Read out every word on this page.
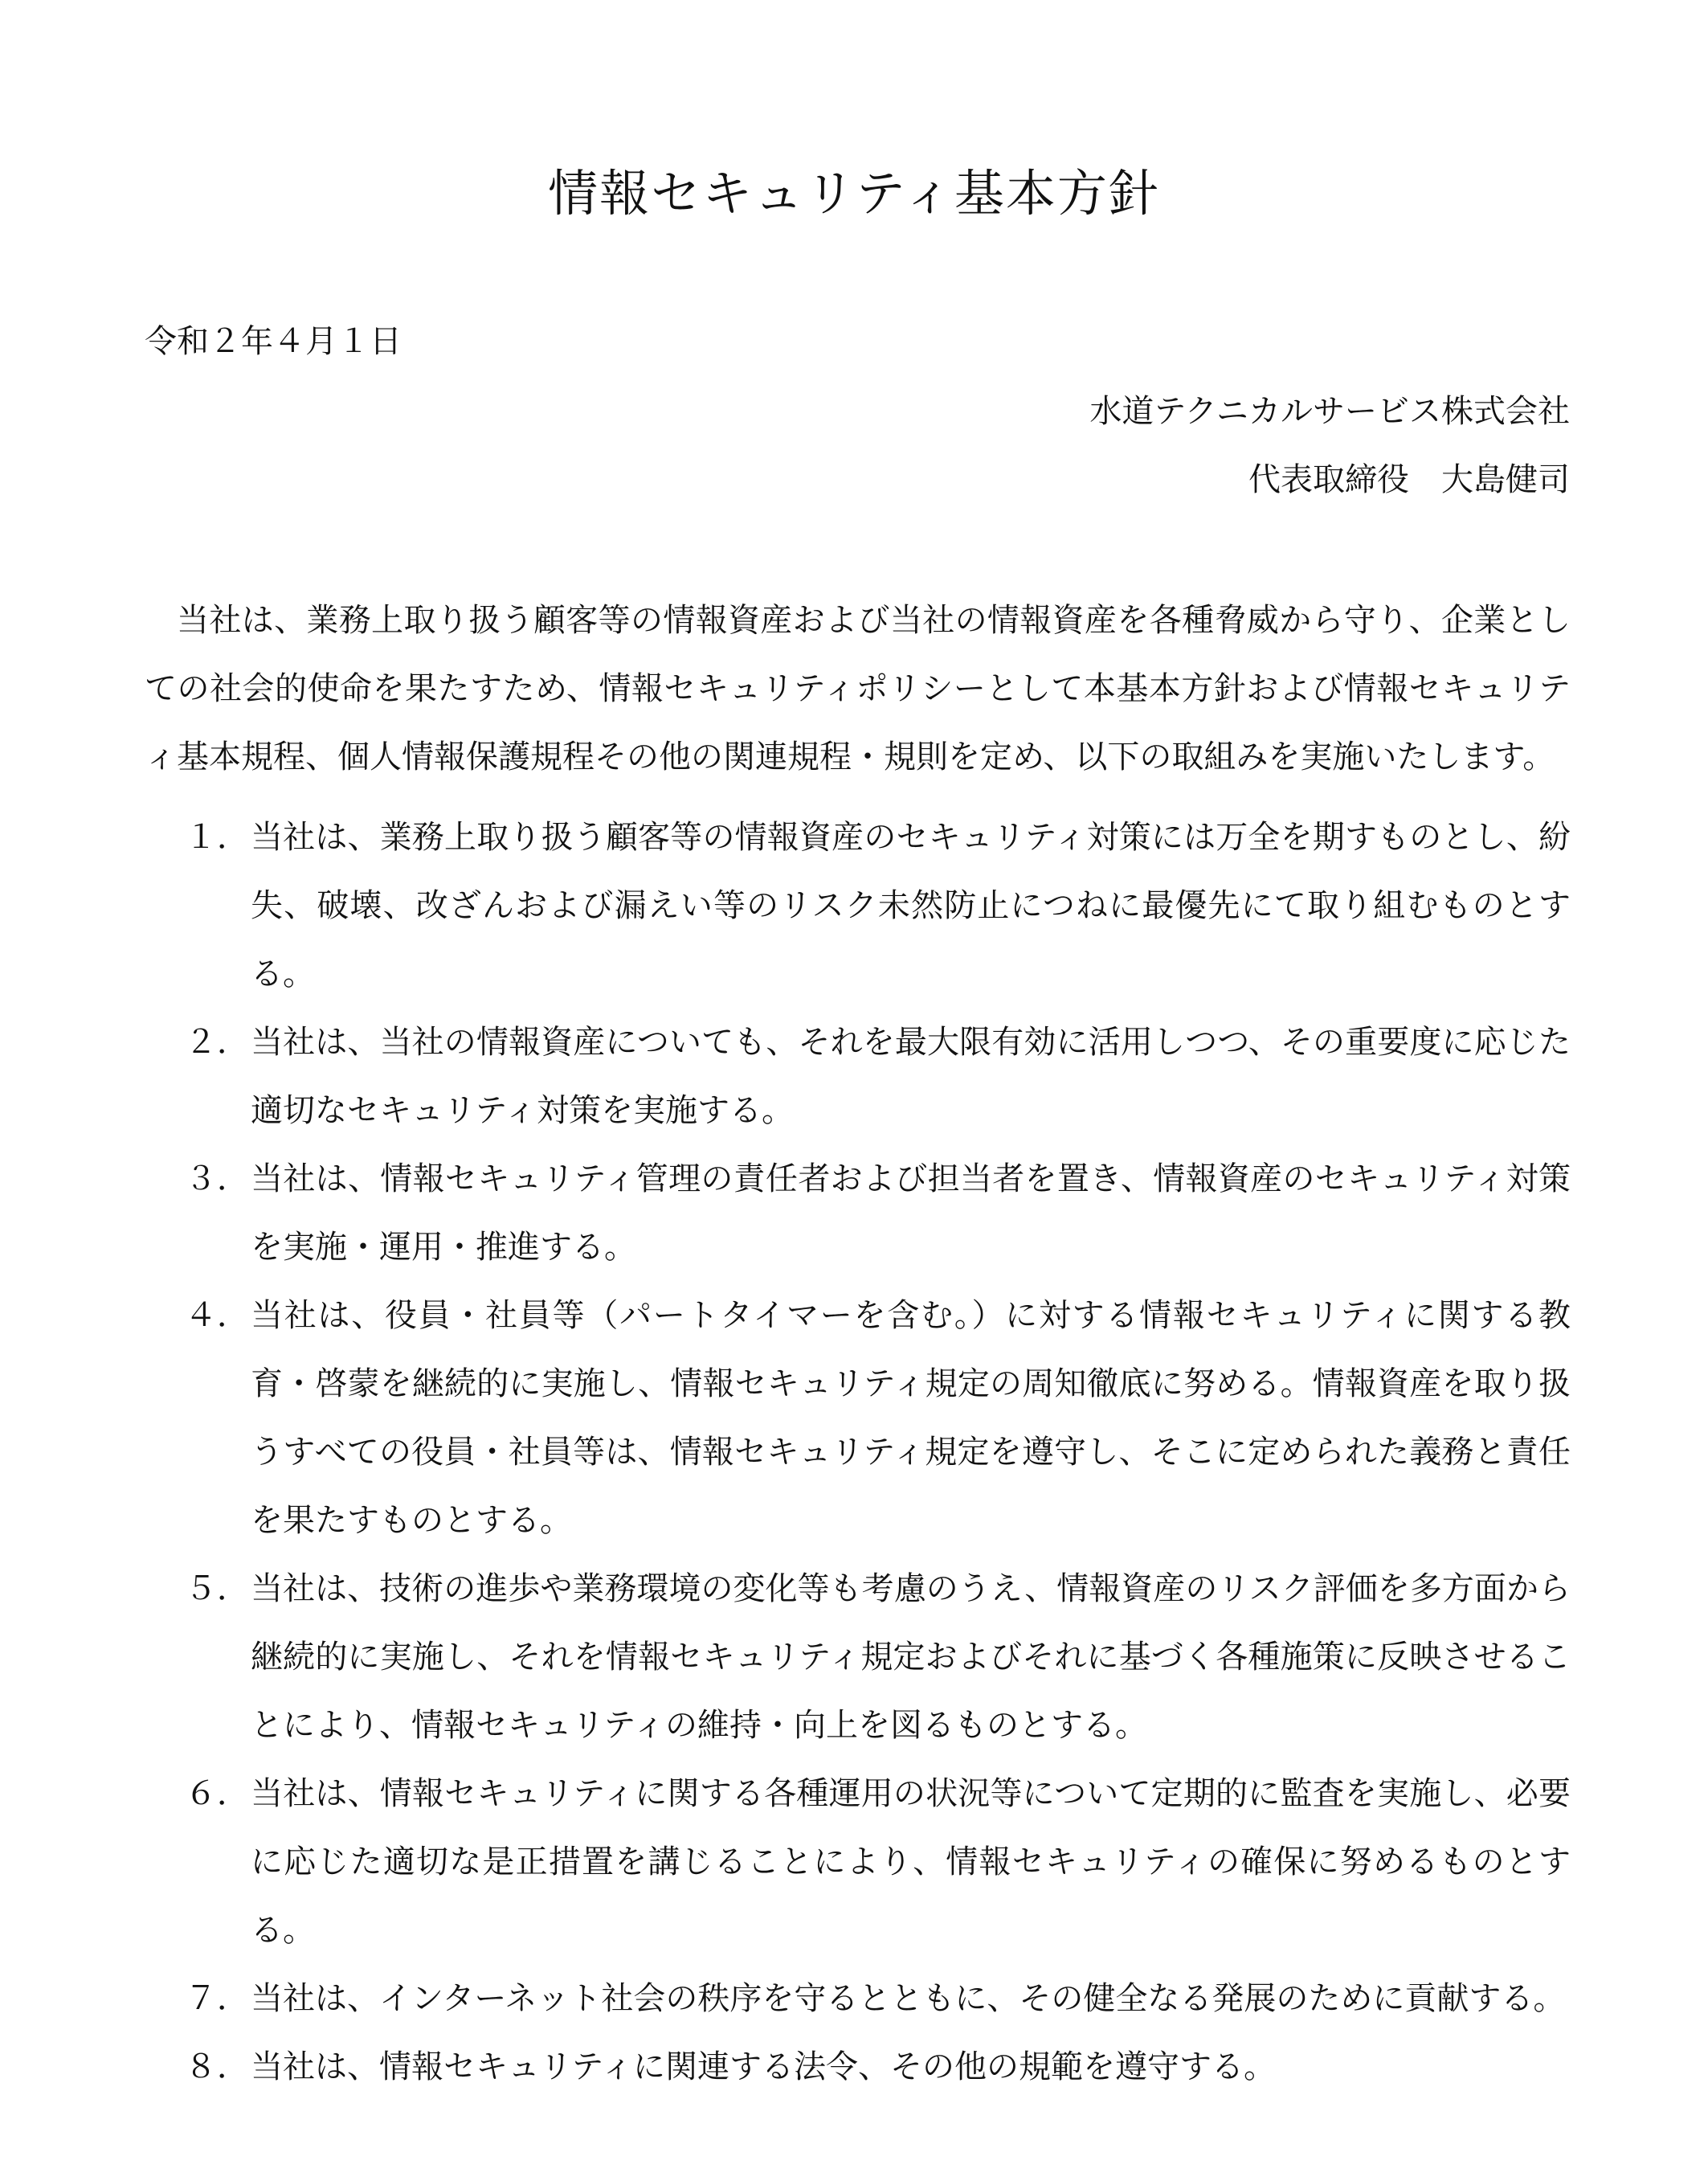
情報セキュリティ基本方針
令和２年４月１日
水道テクニカルサービス株式会社
代表取締役　大島健司

当社は、業務上取り扱う顧客等の情報資産および当社の情報資産を各種脅威から守り、企業としての社会的使命を果たすため、情報セキュリティポリシーとして本基本方針および情報セキュリティ基本規程、個人情報保護規程その他の関連規程・規則を定め、以下の取組みを実施いたします。

１． 当社は、業務上取り扱う顧客等の情報資産のセキュリティ対策には万全を期すものとし、紛失、破壊、改ざんおよび漏えい等のリスク未然防止につねに最優先にて取り組むものとする。
２． 当社は、当社の情報資産についても、それを最大限有効に活用しつつ、その重要度に応じた適切なセキュリティ対策を実施する。
３． 当社は、情報セキュリティ管理の責任者および担当者を置き、情報資産のセキュリティ対策を実施・運用・推進する。
４． 当社は、役員・社員等（パートタイマーを含む。）に対する情報セキュリティに関する教育・啓蒙を継続的に実施し、情報セキュリティ規定の周知徹底に努める。情報資産を取り扱うすべての役員・社員等は、情報セキュリティ規定を遵守し、そこに定められた義務と責任を果たすものとする。
５． 当社は、技術の進歩や業務環境の変化等も考慮のうえ、情報資産のリスク評価を多方面から継続的に実施し、それを情報セキュリティ規定およびそれに基づく各種施策に反映させることにより、情報セキュリティの維持・向上を図るものとする。
６． 当社は、情報セキュリティに関する各種運用の状況等について定期的に監査を実施し、必要に応じた適切な是正措置を講じることにより、情報セキュリティの確保に努めるものとする。
７． 当社は、インターネット社会の秩序を守るとともに、その健全なる発展のために貢献する。
８． 当社は、情報セキュリティに関連する法令、その他の規範を遵守する。
